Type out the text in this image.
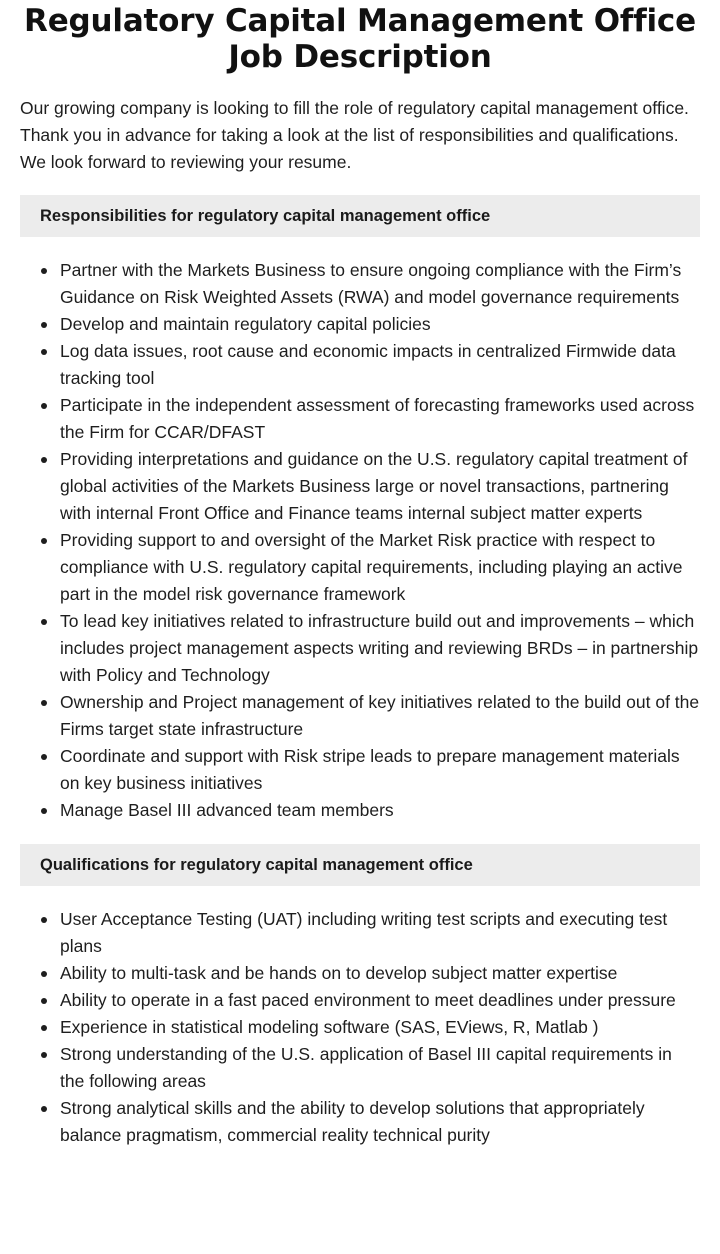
Regulatory Capital Management Office Job Description

Our growing company is looking to fill the role of regulatory capital management office. Thank you in advance for taking a look at the list of responsibilities and qualifications. We look forward to reviewing your resume.

Responsibilities for regulatory capital management office
Partner with the Markets Business to ensure ongoing compliance with the Firm’s Guidance on Risk Weighted Assets (RWA) and model governance requirements
Develop and maintain regulatory capital policies
Log data issues, root cause and economic impacts in centralized Firmwide data tracking tool
Participate in the independent assessment of forecasting frameworks used across the Firm for CCAR/DFAST
Providing interpretations and guidance on the U.S. regulatory capital treatment of global activities of the Markets Business large or novel transactions, partnering with internal Front Office and Finance teams internal subject matter experts
Providing support to and oversight of the Market Risk practice with respect to compliance with U.S. regulatory capital requirements, including playing an active part in the model risk governance framework
To lead key initiatives related to infrastructure build out and improvements – which includes project management aspects writing and reviewing BRDs – in partnership with Policy and Technology
Ownership and Project management of key initiatives related to the build out of the Firms target state infrastructure
Coordinate and support with Risk stripe leads to prepare management materials on key business initiatives
Manage Basel III advanced team members
Qualifications for regulatory capital management office
User Acceptance Testing (UAT) including writing test scripts and executing test plans
Ability to multi-task and be hands on to develop subject matter expertise
Ability to operate in a fast paced environment to meet deadlines under pressure
Experience in statistical modeling software (SAS, EViews, R, Matlab )
Strong understanding of the U.S. application of Basel III capital requirements in the following areas
Strong analytical skills and the ability to develop solutions that appropriately balance pragmatism, commercial reality technical purity
